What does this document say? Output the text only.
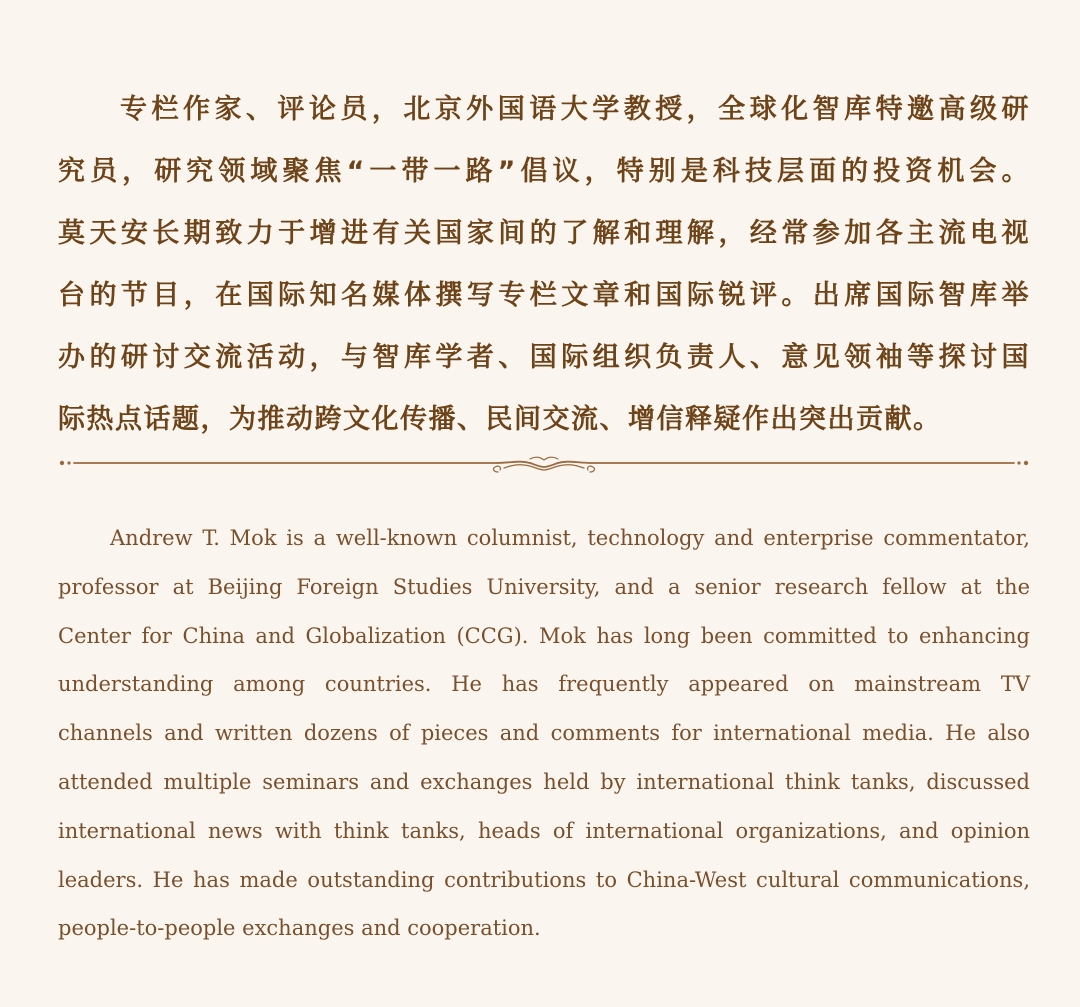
专栏作家、评论员，北京外国语大学教授，全球化智库特邀高级研
究员，研究领域聚焦“一带一路”倡议，特别是科技层面的投资机会。
莫天安长期致力于增进有关国家间的了解和理解，经常参加各主流电视
台的节目，在国际知名媒体撰写专栏文章和国际锐评。出席国际智库举
办的研讨交流活动，与智库学者、国际组织负责人、意见领袖等探讨国
际热点话题，为推动跨文化传播、民间交流、增信释疑作出突出贡献。
Andrew T. Mok is a well-known columnist, technology and enterprise commentator,
professor at Beijing Foreign Studies University, and a senior research fellow at the
Center for China and Globalization (CCG). Mok has long been committed to enhancing
understanding among countries. He has frequently appeared on mainstream TV
channels and written dozens of pieces and comments for international media. He also
attended multiple seminars and exchanges held by international think tanks, discussed
international news with think tanks, heads of international organizations, and opinion
leaders. He has made outstanding contributions to China-West cultural communications,
people-to-people exchanges and cooperation.
